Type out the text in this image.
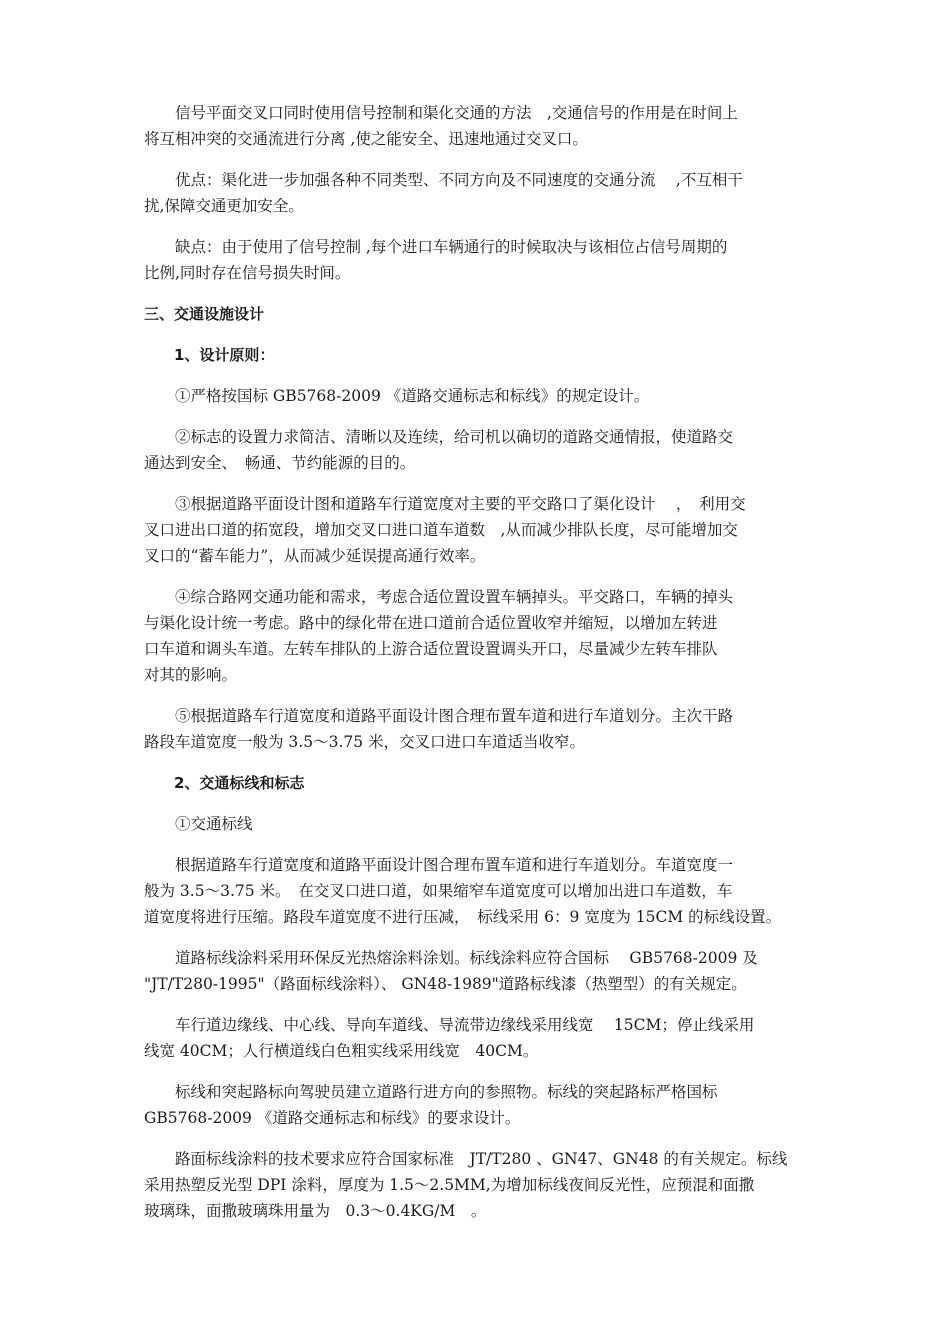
信号平面交叉口同时使用信号控制和渠化交通的方法　,交通信号的作用是在时间上
将互相冲突的交通流进行分离 ,使之能安全、迅速地通过交叉口。
优点：渠化进一步加强各种不同类型、不同方向及不同速度的交通分流　 ,不互相干
扰,保障交通更加安全。
缺点：由于使用了信号控制 ,每个进口车辆通行的时候取决与该相位占信号周期的
比例,同时存在信号损失时间。
三、交通设施设计
1、设计原则：
①严格按国标 GB5768-2009 《道路交通标志和标线》的规定设计。
②标志的设置力求简洁、清晰以及连续，给司机以确切的道路交通情报，使道路交
通达到安全、　畅通、节约能源的目的。
③根据道路平面设计图和道路车行道宽度对主要的平交路口了渠化设计　 ，　利用交
叉口进出口道的拓宽段，增加交叉口进口道车道数　,从而减少排队长度，尽可能增加交
叉口的“蓄车能力”，从而减少延误提高通行效率。
④综合路网交通功能和需求，考虑合适位置设置车辆掉头。平交路口，车辆的掉头
与渠化设计统一考虑。路中的绿化带在进口道前合适位置收窄并缩短，以增加左转进
口车道和调头车道。左转车排队的上游合适位置设置调头开口，尽量减少左转车排队
对其的影响。
⑤根据道路车行道宽度和道路平面设计图合理布置车道和进行车道划分。主次干路
路段车道宽度一般为 3.5～3.75 米，交叉口进口车道适当收窄。
2、交通标线和标志
①交通标线
根据道路车行道宽度和道路平面设计图合理布置车道和进行车道划分。车道宽度一
般为 3.5～3.75 米。　在交叉口进口道，如果缩窄车道宽度可以增加出进口车道数，车
道宽度将进行压缩。路段车道宽度不进行压减，　标线采用 6：9 宽度为 15CM 的标线设置。
道路标线涂料采用环保反光热熔涂料涂划。标线涂料应符合国标　 GB5768-2009 及
"JT/T280-1995"（路面标线涂料）、 GN48-1989"道路标线漆（热塑型）的有关规定。
车行道边缘线、中心线、导向车道线、导流带边缘线采用线宽　 15CM；停止线采用
线宽 40CM；人行横道线白色粗实线采用线宽　40CM。
标线和突起路标向驾驶员建立道路行进方向的参照物。标线的突起路标严格国标
GB5768-2009 《道路交通标志和标线》的要求设计。
路面标线涂料的技术要求应符合国家标准　JT/T280 、GN47、GN48 的有关规定。标线
采用热塑反光型 DPI 涂料，厚度为 1.5～2.5MM,为增加标线夜间反光性，应预混和面撒
玻璃珠，面撒玻璃珠用量为　0.3～0.4KG/M　。
